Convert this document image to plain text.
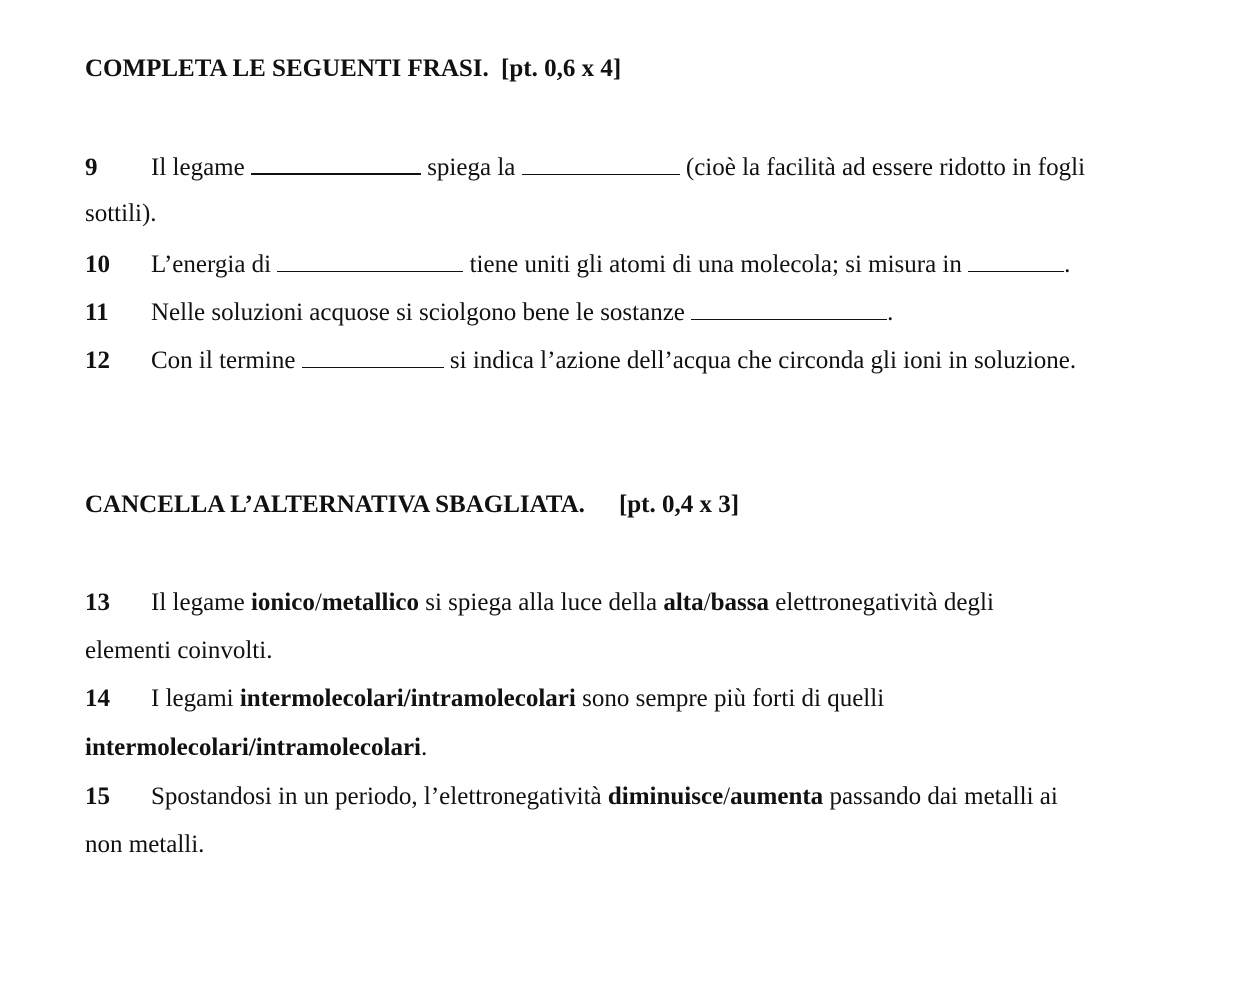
COMPLETA LE SEGUENTI FRASI. [pt. 0,6 x 4]

9 Il legame	spiega la	(cioè la facilità ad essere ridotto in fogli

sottili).

10 L’energia di	tiene uniti gli atomi di una molecola; si misura in	.

11 Nelle soluzioni acquose si sciolgono bene le sostanze	.

12 Con il termine	si indica l’azione dell’acqua che circonda gli ioni in soluzione.

CANCELLA L’ALTERNATIVA SBAGLIATA. [pt. 0,4 x 3]

13 Il legame ionico/metallico si spiega alla luce della alta/bassa elettronegatività degli

elementi coinvolti.

14 I legami intermolecolari/intramolecolari sono sempre più forti di quelli

intermolecolari/intramolecolari.

15 Spostandosi in un periodo, l’elettronegatività diminuisce/aumenta passando dai metalli ai

non metalli.
